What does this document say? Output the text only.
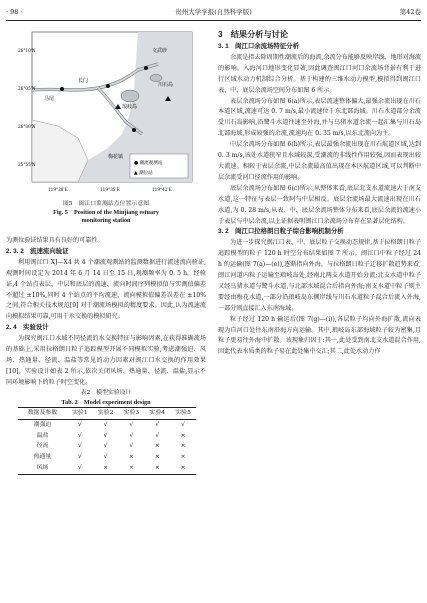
· 98 ·	贵州大学学报(自然科学版)	第42卷
文武砂
川石岛
长门
马尾
琅岐岛
梅花镇
● 潮流观测站
▲ 潮位站
26°10'N
26°05'N
26°00'N
25°55'N
119°28'E	119°35'E	119°42'E
图5　闽江口监测站点位置示意图
Fig. 5　Position of the Minjiang estuary
monitoring station

为测位验证结果具有良好的可靠性。

2. 3. 2　流速流向验证

利用闽江口 XJ—X4 共 4 个潮流观测站的监测数据进行流速流向验证,观测时间设定为 2014 年 6 月 14 日至 15 日,观测频率为 0. 5 h。经验证,4 个站点表层、中层和底层的流速、流向时间序列模拟值与实测值偏差不超过 ±10%,同时 4 个站点的平均流速、流向模拟值偏差误差在 ±10% 之间,符合相关技术规范[9] 对于潮流场模拟的精度要求。因此,认为流速流向模拟结果可靠,可用于水交换的模拟研究。

2. 4　实验设计

为探究闽江口水域不同径流的水交换特征与影响因素,在获得准确流场的基础上,采用拉格朗日粒子追踪模型开展不同模拟实验,考虑潮强迫、风场、热通量、径流、温盐等常见的动力因素对闽江口水交换的作用效果[10]。实验设计如表 2 所示,依次关闭风场、热通量、径流、温盐,显示不同环境影响下的粒子时空变化。

表2　模型实验设计
Tab. 2　Model experiment design
数据及参数	实验1	实验2	实验3	实验4	实验5
潮强迫	√	√	√	√	√
温盐	√	√	√	√	×
径流	√	√	√	×	×
热通量	√	√	×	×	×
风场	√	×	×	×	×

3　结果分析与讨论

3. 1　闽江口余流场特征分析

余流是指去除周期性潮流后的海流,余流分布能够反映岸线、地形对海流的影响。入海河口地形变化显著,因此调查闽江口河口余流场背景有利于进行区域水动力机制综合分析。基于构建的三维水动力模型,模拟得到闽江口表、中、底层余流场空间分布如图 6 所示。

表层余流场分布如图 6(a)所示,表层流速整体偏大,最强余流出现在川石本道区域,流速可达 0. 7 m/s,最小流速位于东北部海域。川石水道部分余流受川石岛影响,沿鹭斗水道往速至外海,并与乌猪水道余流一起汇集与川石岛北部海域,形成较强的余流,流速均在 0. 35 m/s,以东北流向为主。

中层余流场分布如图 6(b)所示,表层最强余流出现在川石航道区域,达到 0. 3 m/s,该处水道狭窄且水域较深,受潮流的非线性作用较强,因而表现出较大流速。相较于表层余流,中层余流最高值出现在本区航道区域,可以判断中层余流受河口径流作用的影响。

底层余流场分布如图 6(c)所示,从整体来看,底层北支水道流速大于南支水道,这一特征与表层一致阿与中层相反。底层余流场最大流速出现在川石水道,为 0. 28 m/s,从表、中、底层余流场整体分布来看,底层余流的流速小于表层与中层余流,以上证据表明闽江口余流场分布存在显著层化结构。

3. 2　闽江口拉格朗日粒子综合影响机制分析

为进一步探究闽江口表、中、底层粒子交换动态规律,基于拉格朗日粒子追踪模型的粒子 120 h 时空分布结果如图 7 所示。闽江口中粒子经过 24 h 的运输(图 7(a)—(e)),逐渐指向外海。与拉格朗日粒子迁移扩散趋势来看,闽江河道内粒子运输至琅岐岛处,经南北两支水道开始分流;北支水道中粒子又经乌猪水道与鹭斗水道,与北部水域混合后指向外海;南支水道中粒子则主要经由梅花水道,一部分沿琅岐岛东侧岸线与川石水道粒子混合后流入外海,一部分则直接汇入东南海域。

粒子经过 120 h 输运后(图 7(g)—(i)),各层粒子均向外海扩散,流向表现为自河口处往东南沿海方向运输。其中,琅岐岛东部海域粒子较为密集,且粒子更易往外海中扩散。该现象归因于:其一,此处受到南北支水道混合作用,因此代表水质类的粒子易在此处集中交汇;其二,此处水动力作
